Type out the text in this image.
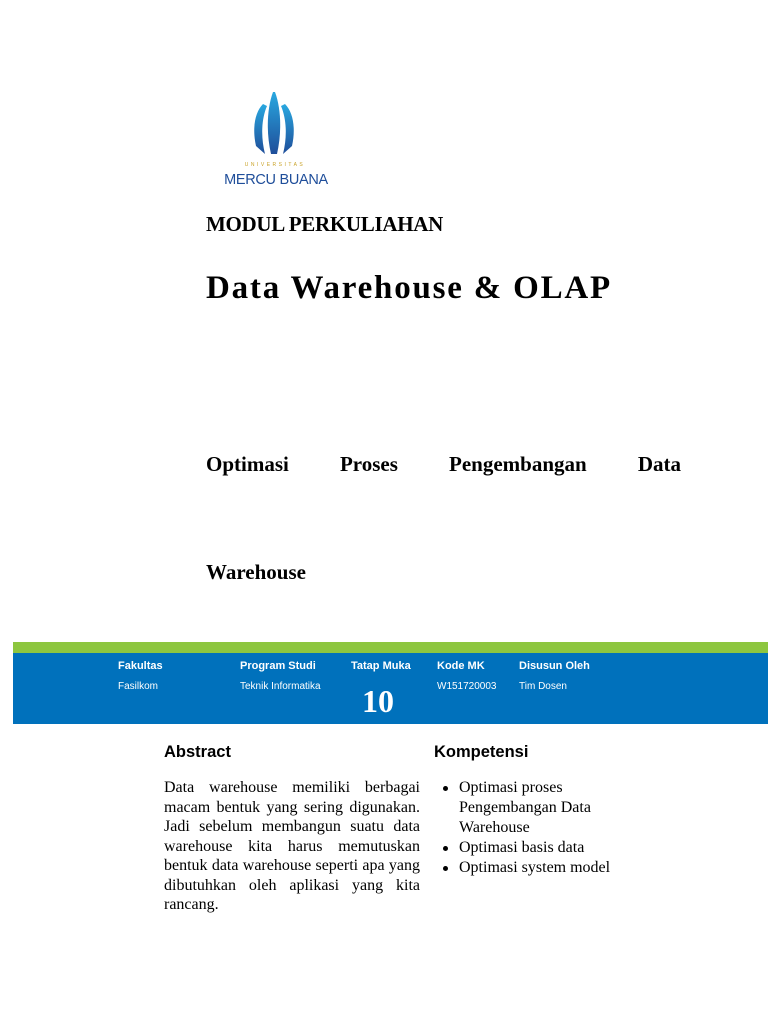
UNIVERSITAS
MERCU BUANA
MODUL PERKULIAHAN
Data Warehouse & OLAP
Optimasi Proses Pengembangan Data
Warehouse
Fakultas
Fasilkom
Program Studi
Teknik Informatika
Tatap Muka
10
Kode MK
W151720003
Disusun Oleh
Tim Dosen
Abstract
Data warehouse memiliki berbagai macam bentuk yang sering digunakan. Jadi sebelum membangun suatu data warehouse kita harus memutuskan bentuk data warehouse seperti apa yang dibutuhkan oleh aplikasi yang kita rancang.
Kompetensi
Optimasi proses Pengembangan Data Warehouse
Optimasi basis data
Optimasi system model
